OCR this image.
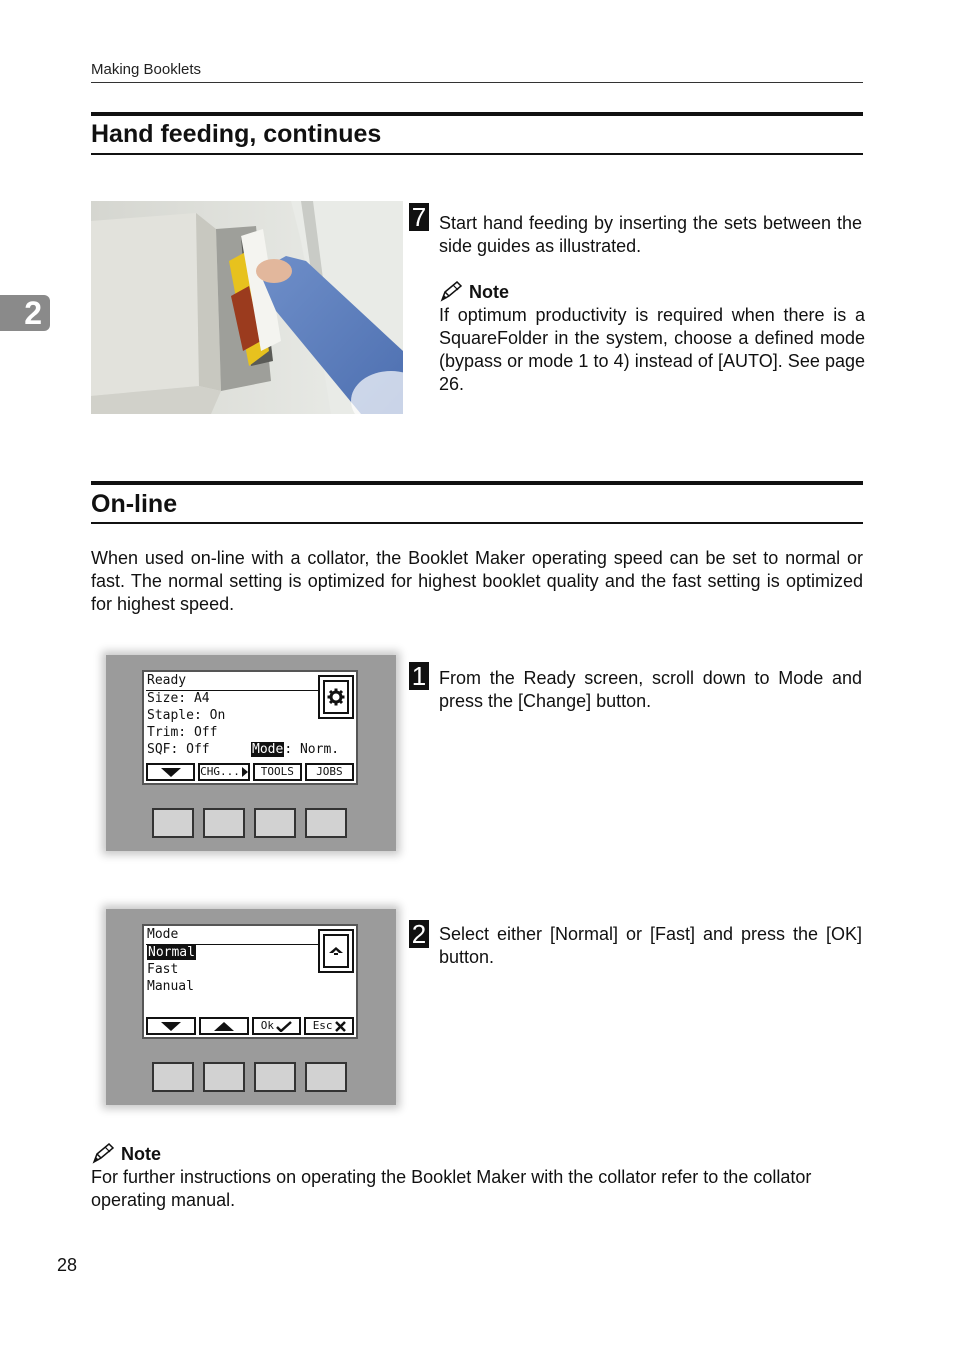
Making Booklets
2
Hand feeding, continues
7 Start hand feeding by inserting the sets between the side guides as illustrated.
Note
If optimum productivity is required when there is a SquareFolder in the system, choose a defined mode (bypass or mode 1 to 4) instead of [AUTO]. See page 26.
On-line
When used on-line with a collator, the Booklet Maker operating speed can be set to normal or fast. The normal setting is optimized for highest booklet quality and the fast setting is optimized for highest speed.
Ready
Size: A4
Staple: On
Trim: Off
SQF: Off	Mode: Norm.
CHG... TOOLS JOBS
1 From the Ready screen, scroll down to Mode and press the [Change] button.
Mode
Normal
Fast
Manual
Ok	Esc
2 Select either [Normal] or [Fast] and press the [OK] button.
Note
For further instructions on operating the Booklet Maker with the collator refer to the collator operating manual.
28
